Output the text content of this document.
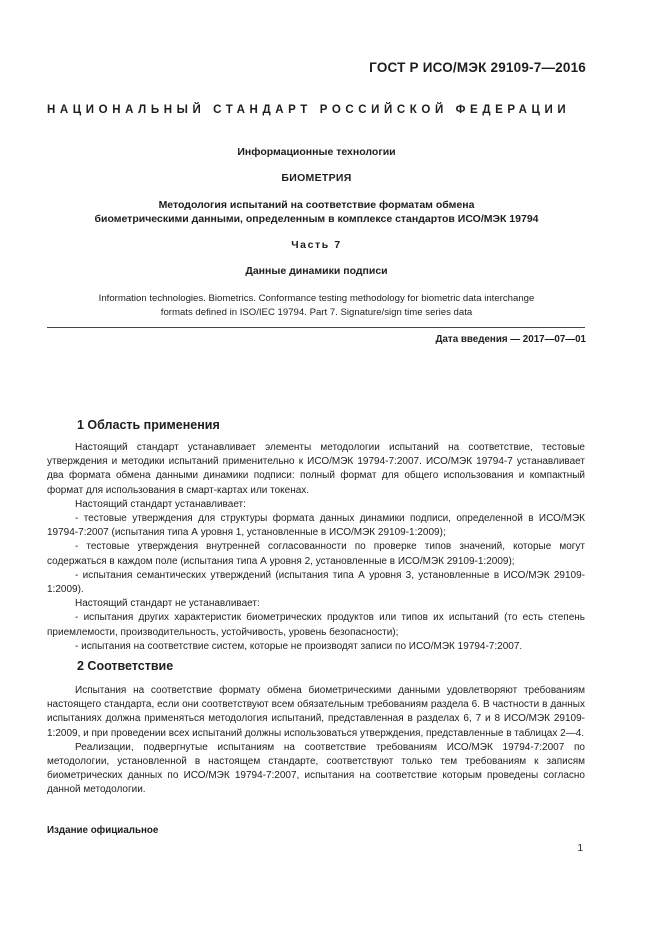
ГОСТ Р ИСО/МЭК 29109-7—2016
НАЦИОНАЛЬНЫЙ СТАНДАРТ РОССИЙСКОЙ ФЕДЕРАЦИИ
Информационные технологии
БИОМЕТРИЯ
Методология испытаний на соответствие форматам обмена
биометрическими данными, определенным в комплексе стандартов ИСО/МЭК 19794
Часть 7
Данные динамики подписи
Information technologies. Biometrics. Conformance testing methodology for biometric data interchange
formats defined in ISO/IEC 19794. Part 7. Signature/sign time series data
Дата введения — 2017—07—01
1 Область применения

Настоящий стандарт устанавливает элементы методологии испытаний на соответствие, тестовые утверждения и методики испытаний применительно к ИСО/МЭК 19794-7:2007. ИСО/МЭК 19794-7 устанавливает два формата обмена данными динамики подписи: полный формат для общего использования и компактный формат для использования в смарт-картах или токенах.

Настоящий стандарт устанавливает:

- тестовые утверждения для структуры формата данных динамики подписи, определенной в ИСО/МЭК 19794-7:2007 (испытания типа А уровня 1, установленные в ИСО/МЭК 29109-1:2009);

- тестовые утверждения внутренней согласованности по проверке типов значений, которые могут содержаться в каждом поле (испытания типа А уровня 2, установленные в ИСО/МЭК 29109-1:2009);

- испытания семантических утверждений (испытания типа А уровня 3, установленные в ИСО/МЭК 29109-1:2009).

Настоящий стандарт не устанавливает:

- испытания других характеристик биометрических продуктов или типов их испытаний (то есть степень приемлемости, производительность, устойчивость, уровень безопасности);

- испытания на соответствие систем, которые не производят записи по ИСО/МЭК 19794-7:2007.

2 Соответствие

Испытания на соответствие формату обмена биометрическими данными удовлетворяют требованиям настоящего стандарта, если они соответствуют всем обязательным требованиям раздела 6. В частности в данных испытаниях должна применяться методология испытаний, представленная в разделах 6, 7 и 8 ИСО/МЭК 29109-1:2009, и при проведении всех испытаний должны использоваться утверждения, представленные в таблицах 2—4.

Реализации, подвергнутые испытаниям на соответствие требованиям ИСО/МЭК 19794-7:2007 по методологии, установленной в настоящем стандарте, соответствуют только тем требованиям к записям биометрических данных по ИСО/МЭК 19794-7:2007, испытания на соответствие которым проведены согласно данной методологии.

Издание официальное
1
